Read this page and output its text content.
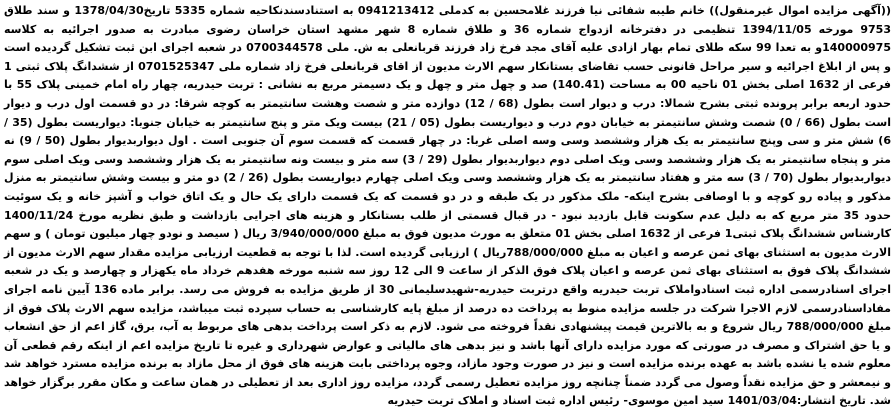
((آگهی مزایده اموال غیرمنقول)) خانم طیبه شفائی نیا فرزند غلامحسین به کدملی 0941213412 به استنادسندنکاحیه شماره 5335 تاریخ1378/04/30 و سند طلاق 9753 مورخه 1394/11/05 تنظیمی در دفترخانه ازدواج شماره 36 و طلاق شماره 8 شهر مشهد استان خراسان رضوی مبادرت به صدور اجرائیه به کلاسه 140000975و به تعدا 99 سکه طلای تمام بهار ازادی علیه آقای مجد فرخ زاد فرزند قربانعلی به ش. ملی 0700344578 در شعبه اجرای ابن ثبت تشکیل گردیده است و پس از ابلاغ اجرائیه و سیر مراحل قانونی حسب تقاضای بستانکار سهم الارث مدیون از اقای قربانعلی فرخ زاد شماره ملی 0701525347 از ششدانگ پلاک ثبتی 1 فرعی از 1632 اصلی بخش 01 ناحیه 00 به مساحت (140.41) صد و چهل متر و چهل و یک دسیمتر مربع به نشانی : تربت حیدریه، چهار راه امام خمینی پلاک 55 با حدود اربعه برابر پرونده ثبتی بشرح شمالا: درب و دیوار است بطول (68 / 12) دوازده متر و شصت وهشت سانتیمتر به کوچه شرقا: در دو قسمت اول درب و دیوار است بطول (66 / 0) شصت وشش سانتیمتر به خیابان دوم درب و دیواریست بطول (05 / 21) بیست ویک متر و پنج سانتیمتر به خیابان جنوبا: دیواریست بطول (35 / 6) شش متر و سی وپنج سانتیمتر به یک هزار وششصد وسی وسه اصلی غربا: در چهار قسمت که قسمت سوم آن جنوبی است . اول دیواربدیوار بطول (50 / 9) نه متر و پنجاه سانتیمتر به یک هزار وششصد وسی ویک اصلی دوم دیواربدیوار بطول (29 / 3) سه متر و بیست ونه سانتیمتر به یک هزار وششصد وسی ویک اصلی سوم دیواربدیوار بطول (70 / 3) سه متر و هفتاد سانتیمتر به یک هزار وششصد وسی ویک اصلی چهارم دیواریست بطول (26 / 2) دو متر و بیست وشش سانتیمتر به منزل مذکور و پیاده رو کوچه و با اوصافی بشرح اینکه- ملک مذکور در یک طبقه و در دو قسمت که یک قسمت دارای یک حال و یک اتاق خواب و آشپز خانه و یک سوئیت حدود 35 متر مربع که به دلیل عدم سکونت قابل بازدید نبود - در قبال قسمتی از طلب بستانکار و هزینه های اجرایی بازداشت و طبق نظریه مورخ 1400/11/24 کارشناس ششدانگ پلاک ثبتی1 فرعی از 1632 اصلی بخش 01 متعلق به مورث مدیون فوق به مبلغ 3/940/000/000 ریال ( سیصد و نودو چهار میلیون تومان ) و سهم الارث مدیون به استثنای بهای ثمن عرصه و اعیان به مبلغ 788/000/000ریال ) ارزیابی گردیده است. لذا با توجه به قطعیت ارزیابی مزایده مقدار سهم الارث مدیون از ششدانگ پلاک فوق به استثنای بهای ثمن عرصه و اعیان پلاک فوق الذکر از ساعت 9 الی 12 روز سه شنبه مورخه هفدهم خرداد ماه یکهزار و چهارصد و یک در شعبه اجرای اسنادرسمی اداره ثبت اسنادواملاک تربت حیدریه واقع درتربت حیدریه-شهیدسلیمانی 30 از طریق مزایده به فروش می رسد. برابر ماده 136 آیین نامه اجرای مفاداسنادرسمی لازم الاجرا شرکت در جلسه مزایده منوط به پرداخت ده درصد از مبلغ پایه کارشناسی به حساب سپرده ثبت میباشد، مزایده سهم الارث پلاک فوق از مبلغ 788/000/000 ریال شروع و به بالاترین قیمت پیشنهادی نقداً فروخته می شود. لازم به ذکر است پرداخت بدهی های مربوط به آب، برق، گاز اعم از حق انشعاب و یا حق اشتراک و مصرف در صورتی که مورد مزایده دارای آنها باشد و نیز بدهی های مالیاتی و عوارض شهرداری و غیره تا تاریخ مزایده اعم از اینکه رقم قطعی آن معلوم شده یا نشده باشد به عهده برنده مزایده است و نیز در صورت وجود مازاد، وجوه پرداختی بابت هزینه های فوق از محل مازاد به برنده مزایده مسترد خواهد شد و نیمعشر و حق مزایده نقداً وصول می گردد ضمناً چنانچه روز مزایده تعطیل رسمی گردد، مزایده روز اداری بعد از تعطیلی در همان ساعت و مکان مقرر برگزار خواهد شد. تاریخ انتشار:1401/03/04 سید امین موسوی- رئیس اداره ثبت اسناد و املاک تربت حیدریه
